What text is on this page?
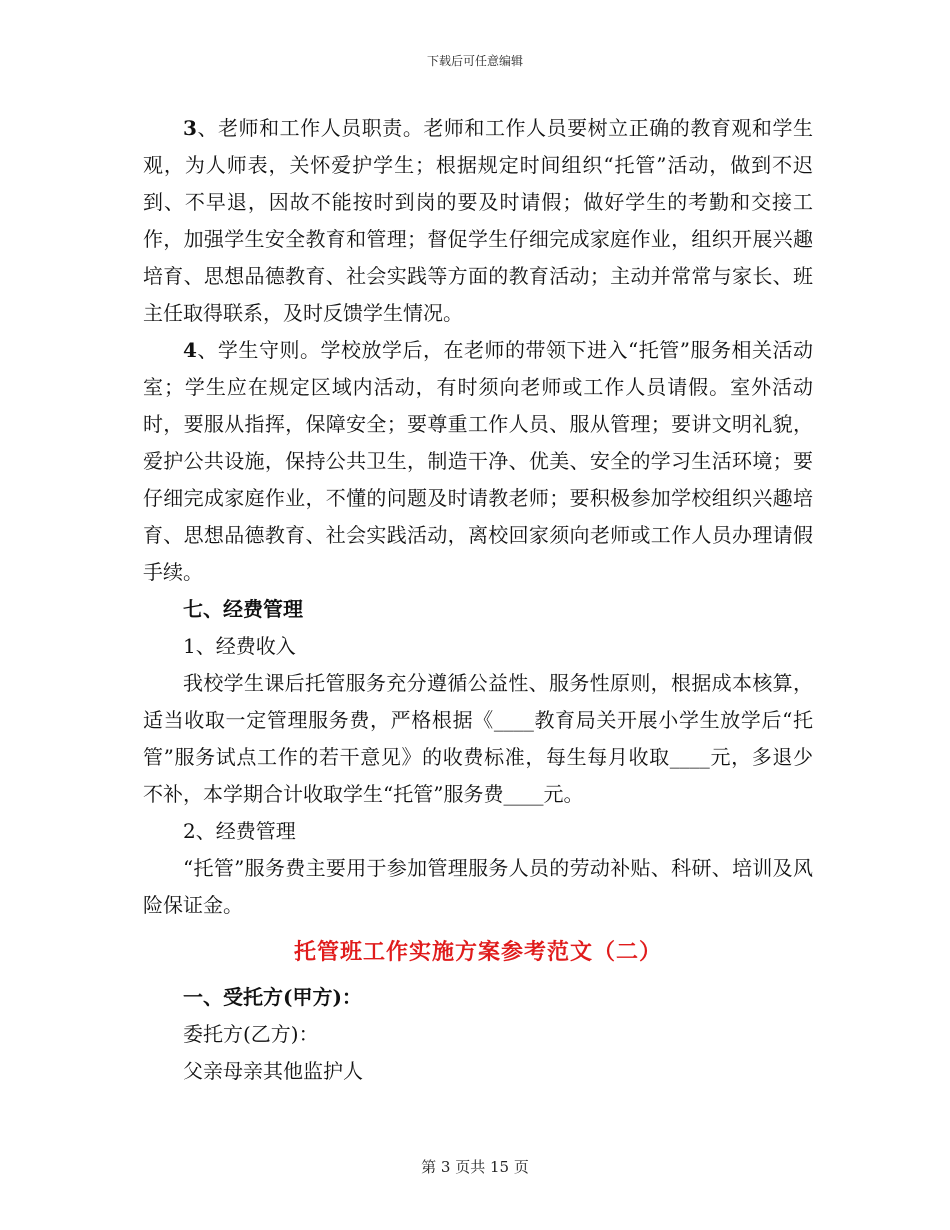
下载后可任意编辑

3、老师和工作人员职责。老师和工作人员要树立正确的教育观和学生观，为人师表，关怀爱护学生；根据规定时间组织“托管”活动，做到不迟到、不早退，因故不能按时到岗的要及时请假；做好学生的考勤和交接工作，加强学生安全教育和管理；督促学生仔细完成家庭作业，组织开展兴趣培育、思想品德教育、社会实践等方面的教育活动；主动并常常与家长、班主任取得联系，及时反馈学生情况。

4、学生守则。学校放学后，在老师的带领下进入“托管”服务相关活动室；学生应在规定区域内活动，有时须向老师或工作人员请假。室外活动时，要服从指挥，保障安全；要尊重工作人员、服从管理；要讲文明礼貌，爱护公共设施，保持公共卫生，制造干净、优美、安全的学习生活环境；要仔细完成家庭作业，不懂的问题及时请教老师；要积极参加学校组织兴趣培育、思想品德教育、社会实践活动，离校回家须向老师或工作人员办理请假手续。

七、经费管理

1、经费收入

我校学生课后托管服务充分遵循公益性、服务性原则，根据成本核算，适当收取一定管理服务费，严格根据《____教育局关开展小学生放学后“托管”服务试点工作的若干意见》的收费标准，每生每月收取____元，多退少不补，本学期合计收取学生“托管”服务费____元。

2、经费管理

“托管”服务费主要用于参加管理服务人员的劳动补贴、科研、培训及风险保证金。

托管班工作实施方案参考范文（二）

一、受托方(甲方)：

委托方(乙方)：

父亲母亲其他监护人

第 3 页共 15 页
